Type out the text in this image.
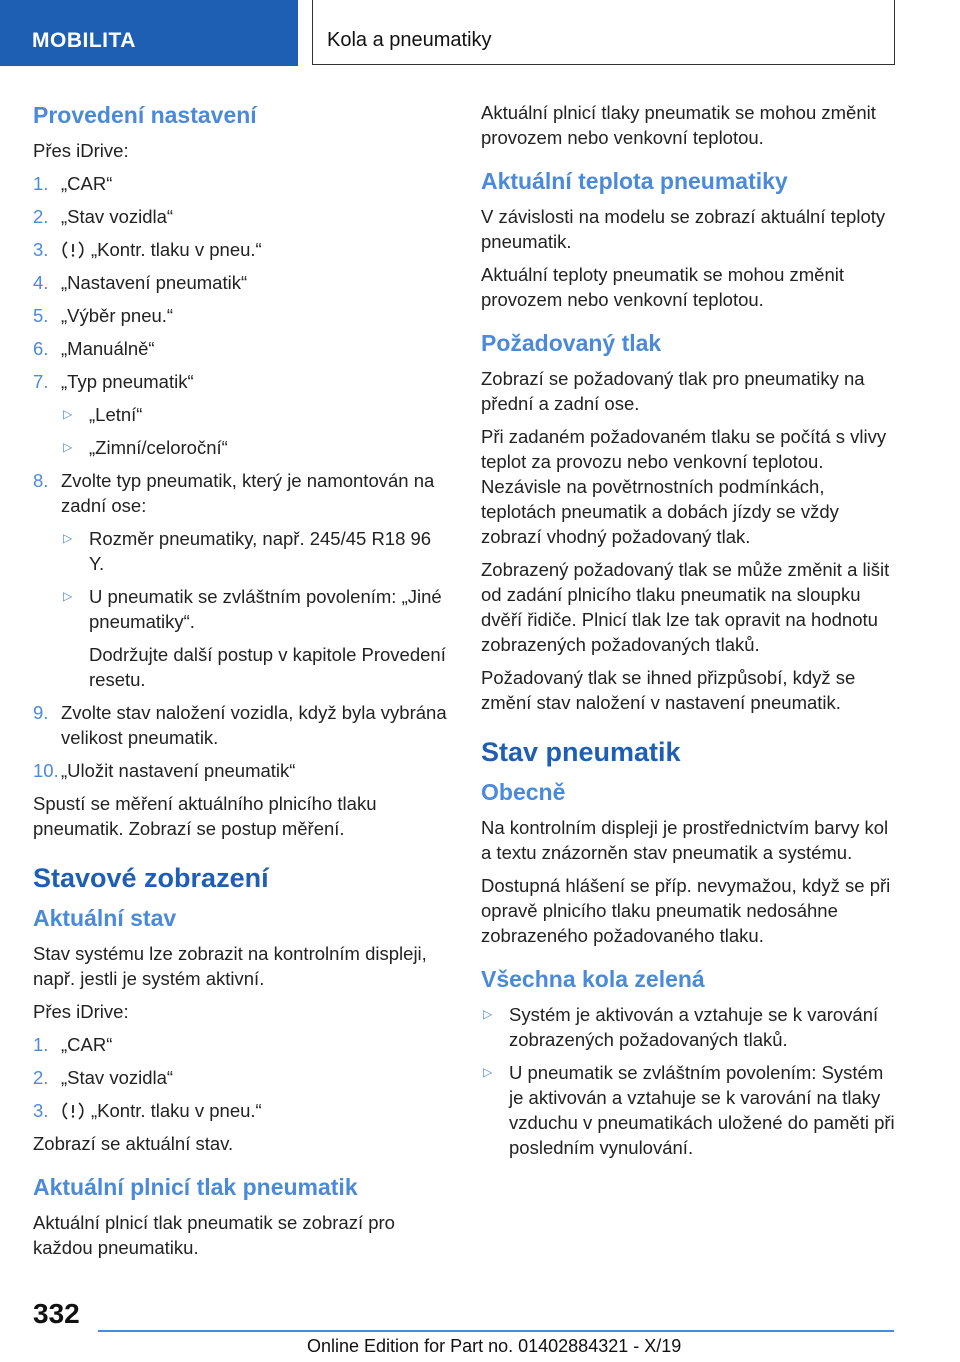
MOBILITA	Kola a pneumatiky
Provedení nastavení

Přes iDrive:

1. „CAR“
2. „Stav vozidla“
3. „Kontr. tlaku v pneu.“
4. „Nastavení pneumatik“
5. „Výběr pneu.“
6. „Manuálně“
7. „Typ pneumatik“
▷ „Letní“
▷ „Zimní/celoroční“
8. Zvolte typ pneumatik, který je namontován na zadní ose:
▷ Rozměr pneumatiky, např. 245/45 R18 96 Y.
▷ U pneumatik se zvláštním povolením: „Jiné pneumatiky“.
Dodržujte další postup v kapitole Provedení resetu.
9. Zvolte stav naložení vozidla, když byla vybrána velikost pneumatik.
10. „Uložit nastavení pneumatik“

Spustí se měření aktuálního plnicího tlaku pneumatik. Zobrazí se postup měření.

Stavové zobrazení
Aktuální stav

Stav systému lze zobrazit na kontrolním displeji, např. jestli je systém aktivní.

Přes iDrive:

1. „CAR“
2. „Stav vozidla“
3. „Kontr. tlaku v pneu.“

Zobrazí se aktuální stav.

Aktuální plnicí tlak pneumatik

Aktuální plnicí tlak pneumatik se zobrazí pro každou pneumatiku.

Aktuální plnicí tlaky pneumatik se mohou změnit provozem nebo venkovní teplotou.

Aktuální teplota pneumatiky

V závislosti na modelu se zobrazí aktuální teploty pneumatik.

Aktuální teploty pneumatik se mohou změnit provozem nebo venkovní teplotou.

Požadovaný tlak

Zobrazí se požadovaný tlak pro pneumatiky na přední a zadní ose.

Při zadaném požadovaném tlaku se počítá s vlivy teplot za provozu nebo venkovní teplotou. Nezávisle na povětrnostních podmínkách, teplotách pneumatik a dobách jízdy se vždy zobrazí vhodný požadovaný tlak.

Zobrazený požadovaný tlak se může změnit a lišit od zadání plnicího tlaku pneumatik na sloupku dvěří řidiče. Plnicí tlak lze tak opravit na hodnotu zobrazených požadovaných tlaků.

Požadovaný tlak se ihned přizpůsobí, když se změní stav naložení v nastavení pneumatik.

Stav pneumatik
Obecně

Na kontrolním displeji je prostřednictvím barvy kol a textu znázorněn stav pneumatik a systému.

Dostupná hlášení se příp. nevymažou, když se při opravě plnicího tlaku pneumatik nedosáhne zobrazeného požadovaného tlaku.

Všechna kola zelená
▷ Systém je aktivován a vztahuje se k varování zobrazených požadovaných tlaků.
▷ U pneumatik se zvláštním povolením: Systém je aktivován a vztahuje se k varování na tlaky vzduchu v pneumatikách uložené do paměti při posledním vynulování.
332
Online Edition for Part no. 01402884321 - X/19
